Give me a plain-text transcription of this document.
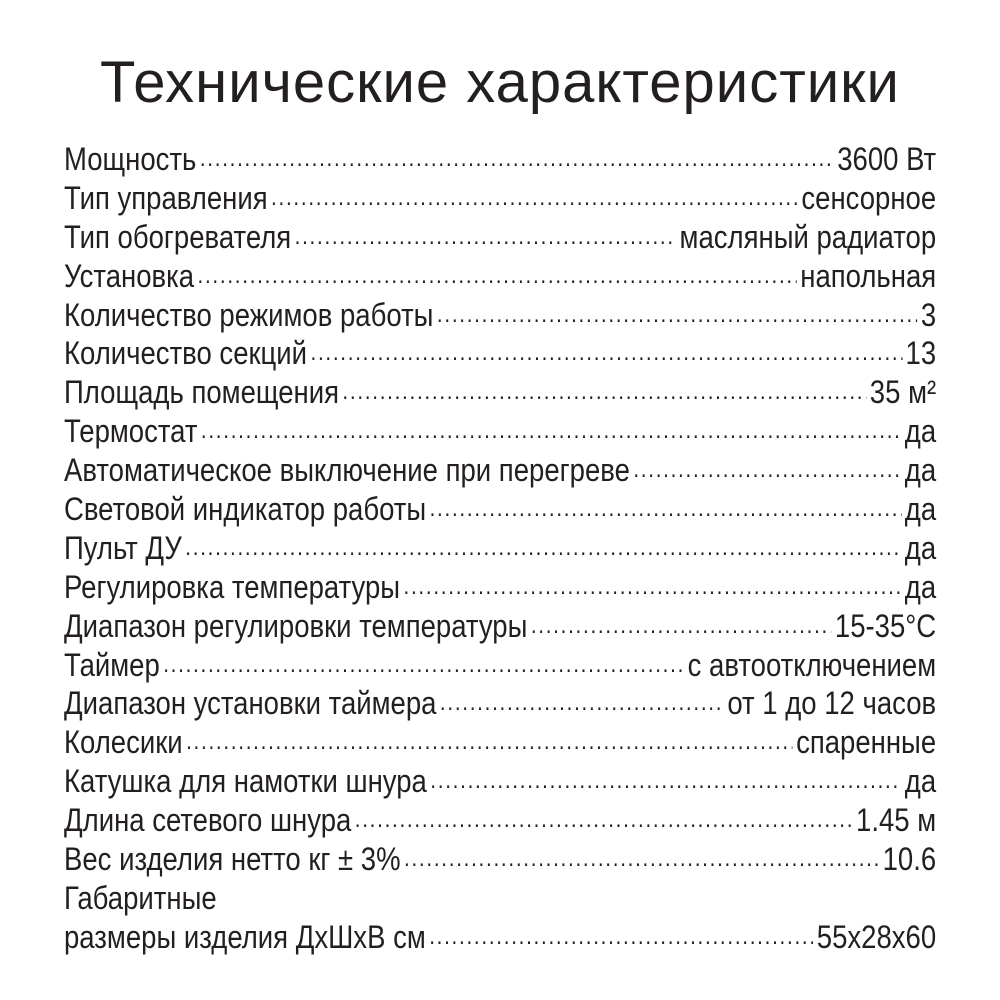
Технические характеристики
Мощность .....	3600 Вт
Тип управления .....	сенсорное
Тип обогревателя .....	масляный радиатор
Установка .....	напольная
Количество режимов работы .....	3
Количество секций .....	13
Площадь помещения .....	35 м²
Термостат .....	да
Автоматическое выключение при перегреве .....	да
Световой индикатор работы .....	да
Пульт ДУ .....	да
Регулировка температуры .....	да
Диапазон регулировки температуры .....	15-35°C
Таймер .....	с автоотключением
Диапазон установки таймера .....	от 1 до 12 часов
Колесики .....	спаренные
Катушка для намотки шнура .....	да
Длина сетевого шнура .....	1.45 м
Вес изделия нетто кг ± 3% .....	10.6
Габаритные
размеры изделия ДхШхВ см .....	55x28x60
